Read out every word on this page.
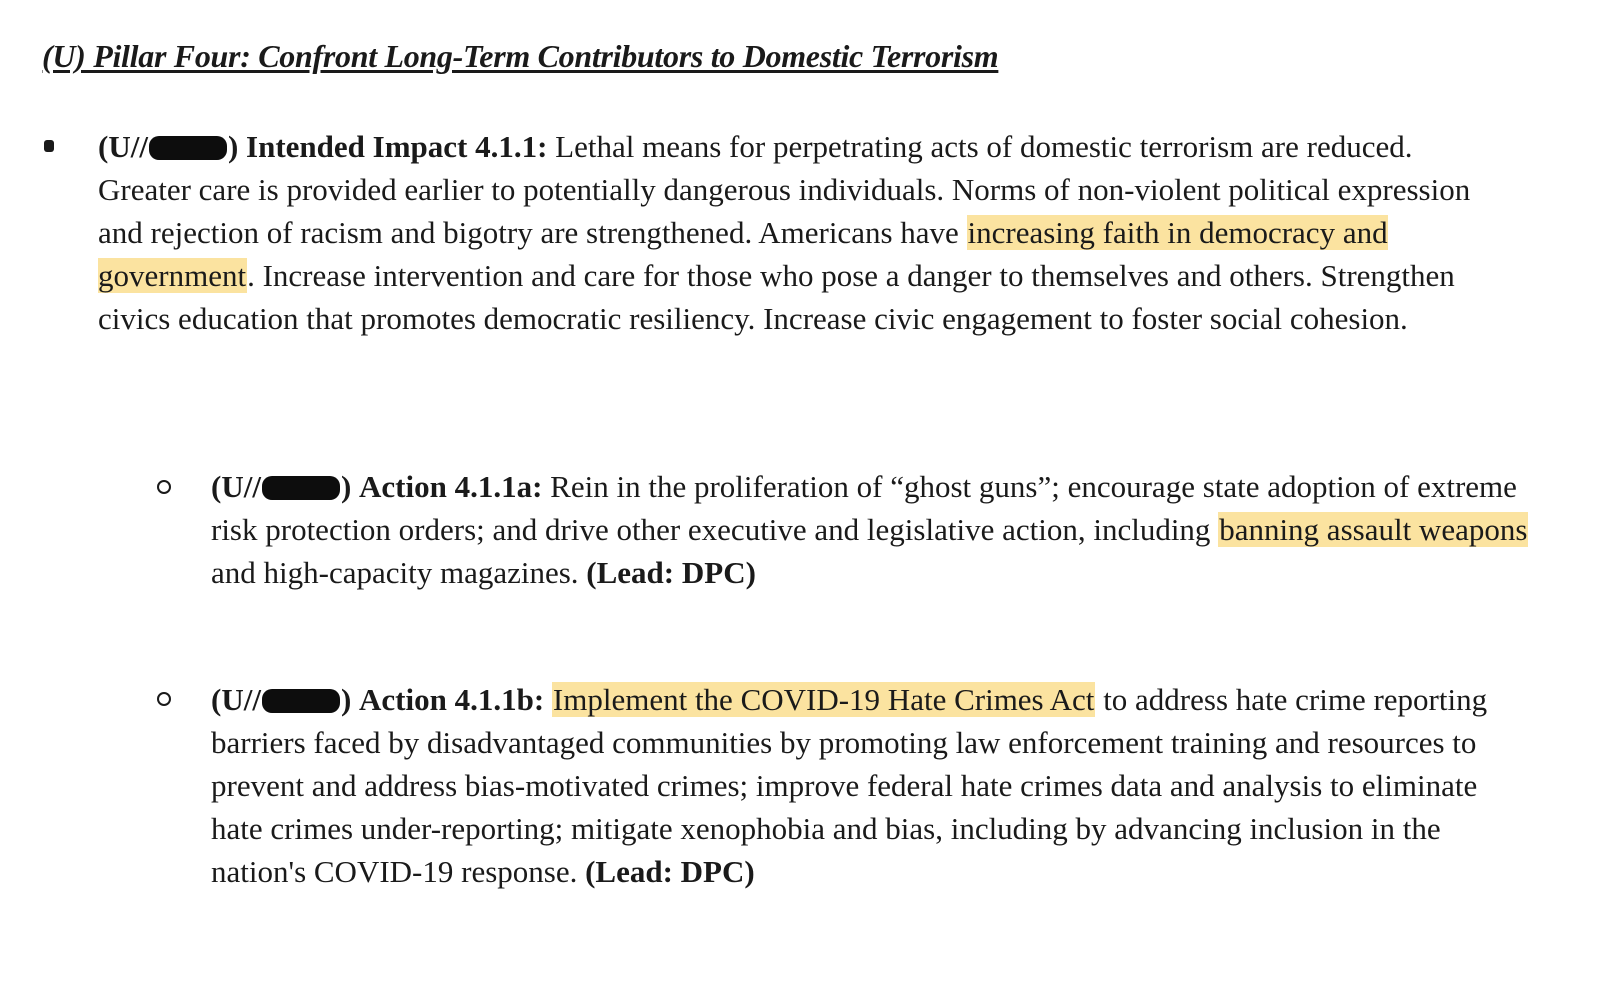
(U) Pillar Four: Confront Long-Term Contributors to Domestic Terrorism

(U//	) Intended Impact 4.1.1: Lethal means for perpetrating acts of domestic terrorism are reduced. Greater care is provided earlier to potentially dangerous individuals. Norms of non-violent political expression and rejection of racism and bigotry are strengthened. Americans have increasing faith in democracy and government. Increase intervention and care for those who pose a danger to themselves and others. Strengthen civics education that promotes democratic resiliency. Increase civic engagement to foster social cohesion.

(U//	) Action 4.1.1a: Rein in the proliferation of “ghost guns”; encourage state adoption of extreme risk protection orders; and drive other executive and legislative action, including banning assault weapons and high-capacity magazines. (Lead: DPC)

(U//	) Action 4.1.1b: Implement the COVID-19 Hate Crimes Act to address hate crime reporting barriers faced by disadvantaged communities by promoting law enforcement training and resources to prevent and address bias-motivated crimes; improve federal hate crimes data and analysis to eliminate hate crimes under-reporting; mitigate xenophobia and bias, including by advancing inclusion in the nation's COVID-19 response. (Lead: DPC)
